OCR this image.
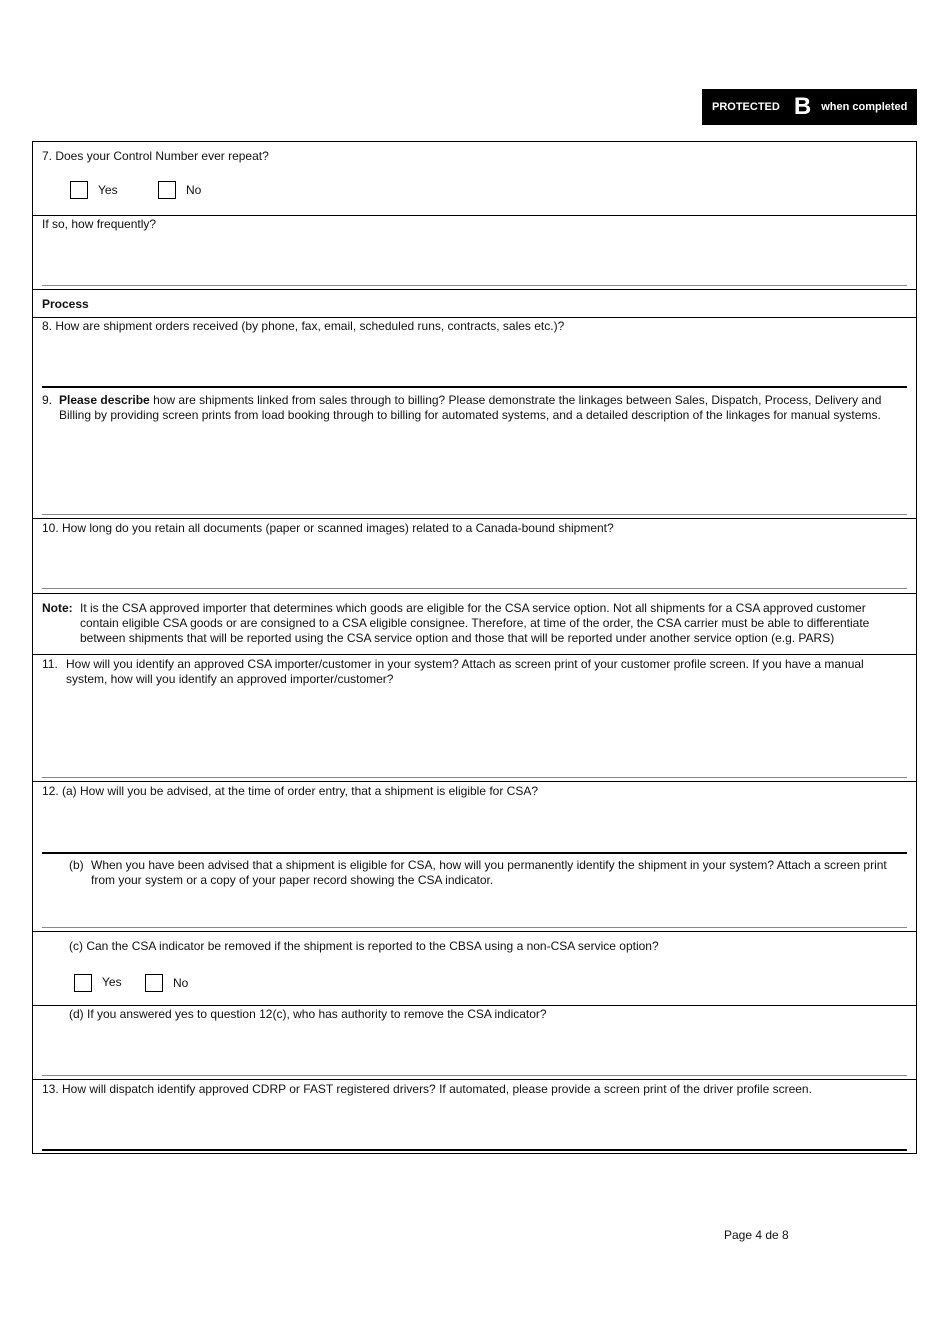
PROTECTED B when completed
7. Does your Control Number ever repeat?
Yes	No
If so, how frequently?
Process
8. How are shipment orders received (by phone, fax, email, scheduled runs, contracts, sales etc.)?
9. Please describe how are shipments linked from sales through to billing? Please demonstrate the linkages between Sales, Dispatch, Process, Delivery and Billing by providing screen prints from load booking through to billing for automated systems, and a detailed description of the linkages for manual systems.
10. How long do you retain all documents (paper or scanned images) related to a Canada-bound shipment?
Note: It is the CSA approved importer that determines which goods are eligible for the CSA service option. Not all shipments for a CSA approved customer contain eligible CSA goods or are consigned to a CSA eligible consignee. Therefore, at time of the order, the CSA carrier must be able to differentiate between shipments that will be reported using the CSA service option and those that will be reported under another service option (e.g. PARS)
11. How will you identify an approved CSA importer/customer in your system? Attach as screen print of your customer profile screen. If you have a manual system, how will you identify an approved importer/customer?
12. (a) How will you be advised, at the time of order entry, that a shipment is eligible for CSA?
(b) When you have been advised that a shipment is eligible for CSA, how will you permanently identify the shipment in your system? Attach a screen print from your system or a copy of your paper record showing the CSA indicator.
(c) Can the CSA indicator be removed if the shipment is reported to the CBSA using a non-CSA service option?
Yes	No
(d) If you answered yes to question 12(c), who has authority to remove the CSA indicator?
13. How will dispatch identify approved CDRP or FAST registered drivers? If automated, please provide a screen print of the driver profile screen.
Page 4 de 8
